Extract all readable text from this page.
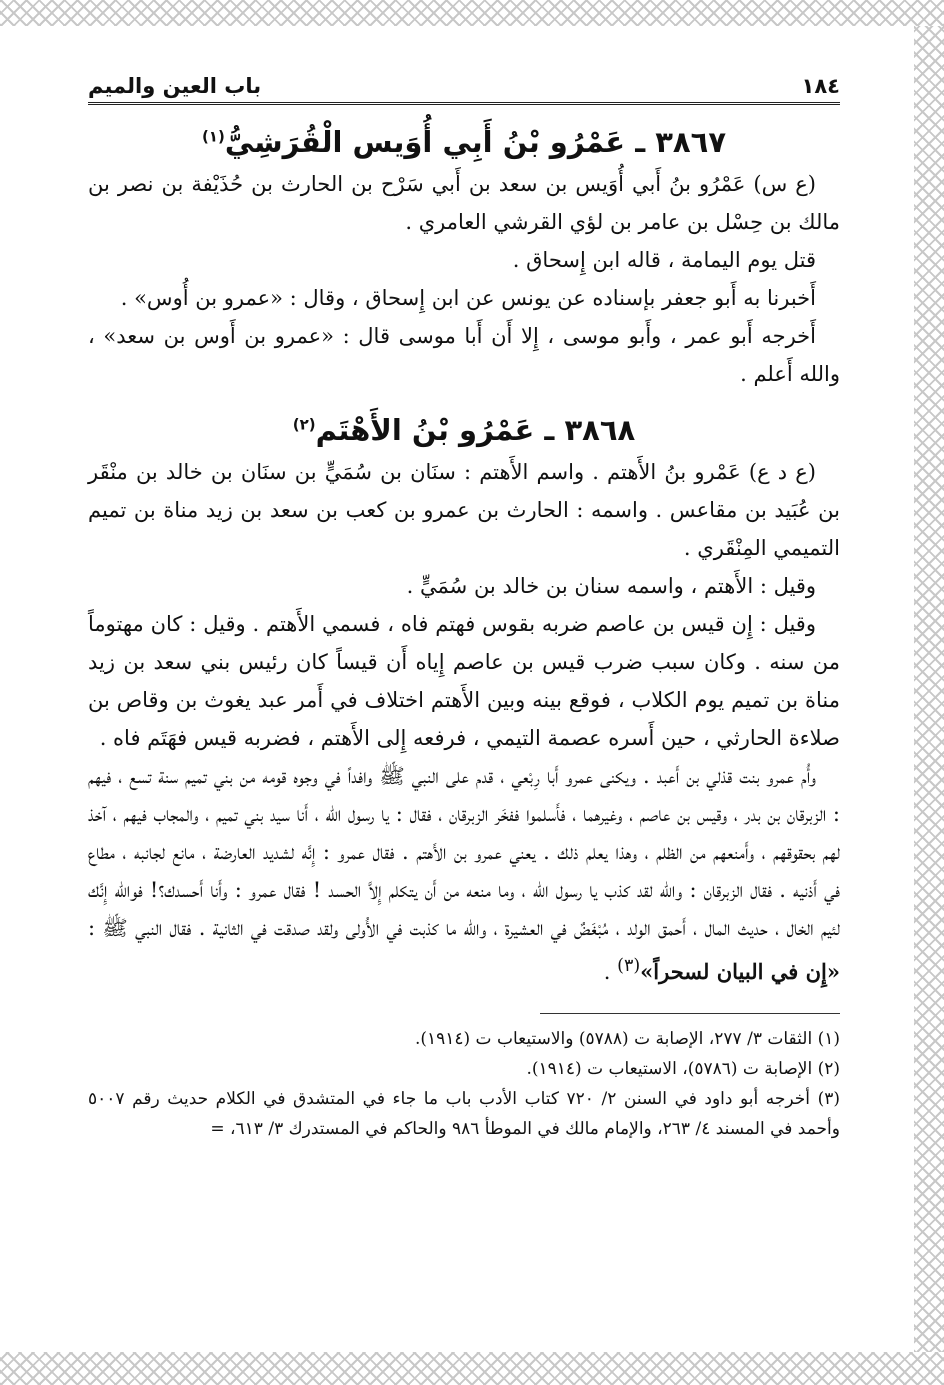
١٨٤
باب العين والميم
٣٨٦٧ ـ عَمْرُو بْنُ أَبِي أُوَيس الْقُرَشِيُّ$^{(١)}$

(ع س) عَمْرُو بنُ أَبي أُوَيس بن سعد بن أَبي سَرْح بن الحارث بن حُذَيْفة بن نصر بن مالك بن حِسْل بن عامر بن لؤي القرشي العامري .

قتل يوم اليمامة ، قاله ابن إِسحاق .

أَخبرنا به أَبو جعفر بإسناده عن يونس عن ابن إِسحاق ، وقال : «عمرو بن أُوس» .

أَخرجه أَبو عمر ، وأَبو موسى ، إِلا أَن أَبا موسى قال : «عمرو بن أَوس بن سعد» ، والله أَعلم .

٣٨٦٨ ـ عَمْرُو بْنُ الأَهْتَم$^{(٢)}$

(ع د ع) عَمْرو بنُ الأَهتم . واسم الأَهتم : سنَان بن سُمَيٍّ بن سنَان بن خالد بن منْقَر بن عُبَيد بن مقاعس . واسمه : الحارث بن عمرو بن كعب بن سعد بن زيد مناة بن تميم التميمي المِنْقَري .

وقيل : الأَهتم ، واسمه سنان بن خالد بن سُمَيٍّ .

وقيل : إِن قيس بن عاصم ضربه بقوس فهتم فاه ، فسمي الأَهتم . وقيل : كان مهتوماً من سنه . وكان سبب ضرب قيس بن عاصم إِياه أَن قيساً كان رئيس بني سعد بن زيد مناة بن تميم يوم الكلاب ، فوقع بينه وبين الأَهتم اختلاف في أَمر عبد يغوث بن وقاص بن صلاءة الحارثي ، حين أَسره عصمة التيمي ، فرفعه إِلى الأَهتم ، فضربه قيس فهَتَم فاه .

وأُم عمرو بنت قذلي بن أَعبد . ويكنى عمرو أَبا رِبْعي ، قدم على النبي ﷺ وافداً في وجوه قومه من بني تميم سنة تسع ، فيهم : الزبرقان بن بدر ، وقيس بن عاصم ، وغيرهما ، فأَسلموا ففخَر الزبرقان ، فقال : يا رسول الله ، أَنا سيد بني تميم ، والمجاب فيهم ، آخذ لهم بحقوقهم ، وأَمنعهم من الظلم ، وهذا يعلم ذلك . يعني عمرو بن الأَهتم . فقال عمرو : إِنَّه لشديد العارضة ، مانع لجانبه ، مطاع في أَذنيه . فقال الزبرقان : والله لقد كذب يا رسول الله ، وما منعه من أَن يتكلم إِلاَّ الحسد ! فقال عمرو : وأَنا أَحسدك؟! فوالله إِنَّك لئيم الخال ، حديث المال ، أَحمق الولد ، مُبْغَضٌ في العشيرة ، والله ما كذبت في الأُولى ولقد صدقت في الثانية . فقال النبي ﷺ : «إِن في البيان لسحراً»$^{(٣)}$ .

(١) الثقات ٣/ ٢٧٧، الإصابة ت (٥٧٨٨) والاستيعاب ت (١٩١٤).

(٢) الإصابة ت (٥٧٨٦)، الاستيعاب ت (١٩١٤).

(٣) أخرجه أبو داود في السنن ٢/ ٧٢٠ كتاب الأدب باب ما جاء في المتشدق في الكلام حديث رقم ٥٠٠٧ وأحمد في المسند ٤/ ٢٦٣، والإمام مالك في الموطأ ٩٨٦ والحاكم في المستدرك ٣/ ٦١٣، =
